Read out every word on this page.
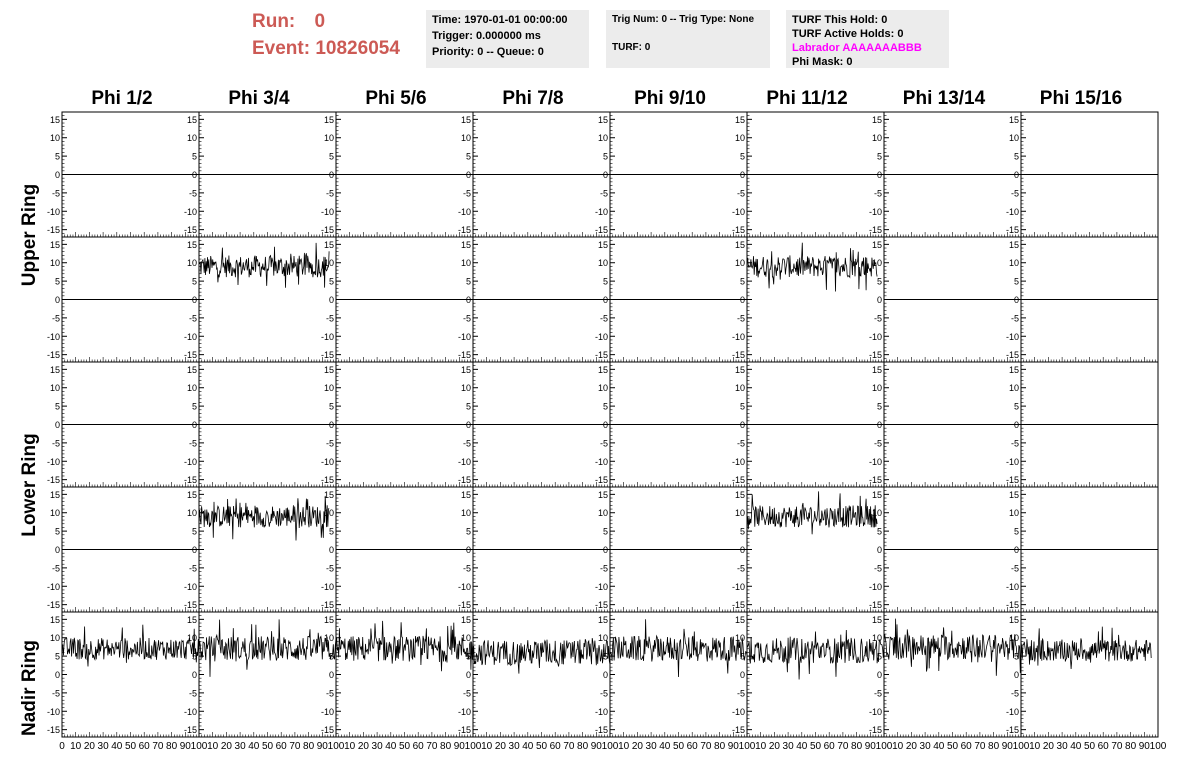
Run: 0
Event: 10826054
Time: 1970-01-01 00:00:00
Trigger: 0.000000 ms
Priority: 0 -- Queue: 0
Trig Num: 0 -- Trig Type: None
TURF: 0
TURF This Hold: 0
TURF Active Holds: 0
Labrador AAAAAAABBB
Phi Mask: 0
Phi 1/2	Phi 3/4	Phi 5/6	Phi 7/8	Phi 9/10	Phi 11/12	Phi 13/14	Phi 15/16
Upper Ring
Lower Ring
Nadir Ring
-15
-10
-5
0
5
10
15
-15
-10
-5
0
5
10
15
-15
-10
-5
0
5
10
15
-15
-10
-5
0
5
10
15
-15
-10
-5
0
5
10
15
-15
-10
-5
0
5
10
15
-15
-10
-5
0
5
10
15
-15
-10
-5
0
5
10
15
-15
-10
-5
0
5
10
15
-15
-10
-5
0
5
10
15
-15
-10
-5
0
5
10
15
-15
-10
-5
0
5
10
15
-15
-10
-5
0
5
10
15
-15
-10
-5
0
5
10
15
-15
-10
-5
0
5
10
15
-15
-10
-5
0
5
10
15
-15
-10
-5
0
5
10
15
-15
-10
-5
0
5
10
15
-15
-10
-5
0
5
10
15
-15
-10
-5
0
5
10
15
-15
-10
-5
0
5
10
15
-15
-10
-5
0
5
10
15
-15
-10
-5
0
5
10
15
-15
-10
-5
0
5
10
15
-15
-10
-5
0
5
10
15
-15
-10
-5
0
5
10
15
-15
-10
-5
0
5
10
15
-15
-10
-5
0
5
10
15
-15
-10
-5
0
5
10
15
-15
-10
-5
0
5
10
15
-15
-10
-5
0
5
10
15
-15
-10
-5
0
5
10
15
-15
-10
-5
0
5
10
15
-15
-10
-5
0
5
10
15
-15
-10
-5
0
5
10
15
-15
-10
-5
0
5
10
15
-15
-10
-5
0
5
10
15
-15
-10
-5
0
5
10
15
-15
-10
-5
0
5
10
15
-15
-10
-5
0
5
10
15
0 10 20 30 40 50 60 70 80 90 100 10 20 30 40 50 60 70 80 90 100 10 20 30 40 50 60 70 80 90 100 10 20 30 40 50 60 70 80 90 100 10 20 30 40 50 60 70 80 90 100 10 20 30 40 50 60 70 80 90 100 10 20 30 40 50 60 70 80 90 100 10 20 30 40 50 60 70 80 90 100
